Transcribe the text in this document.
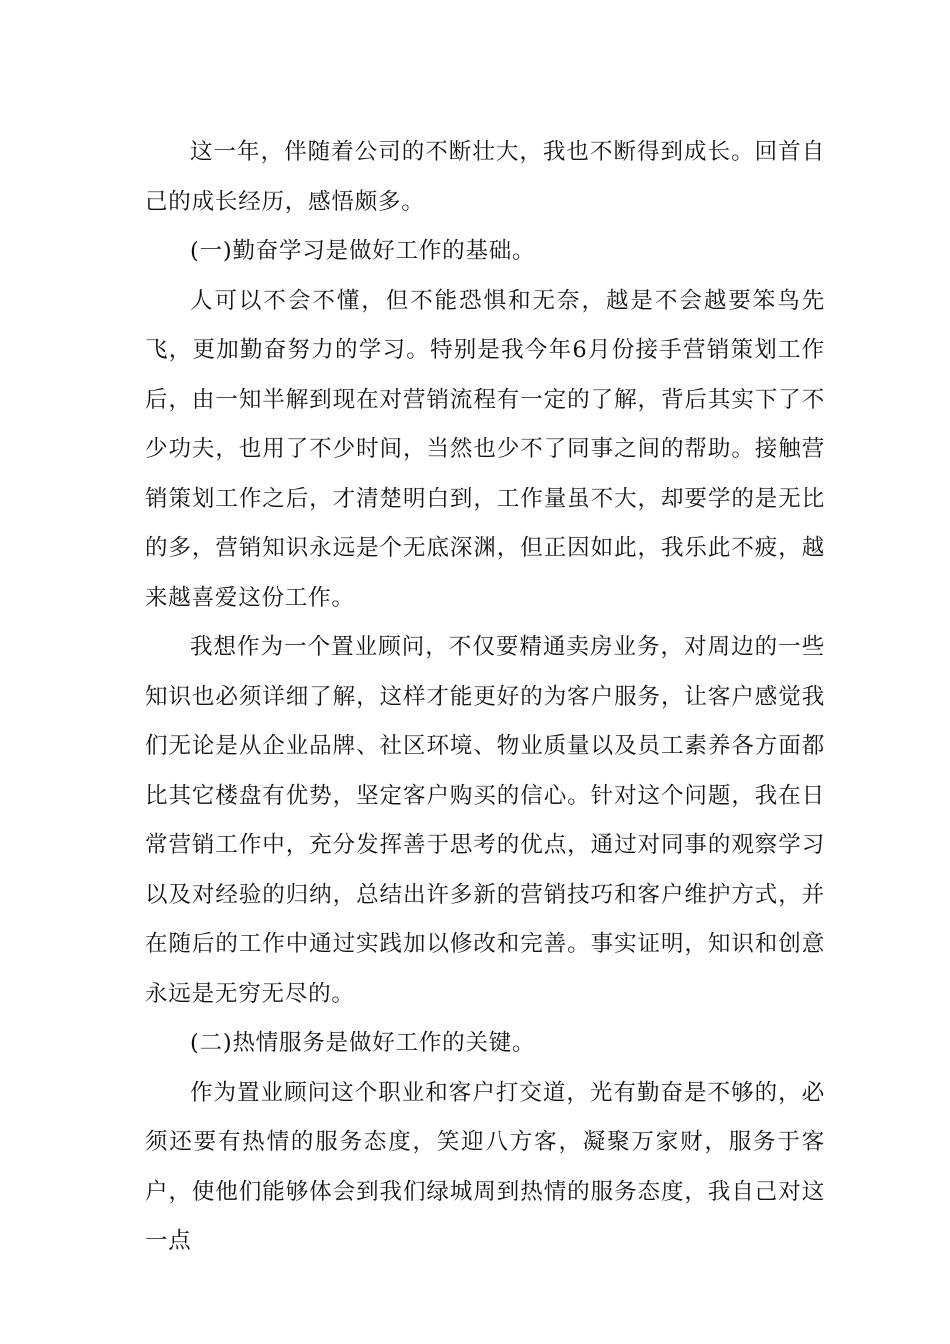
这一年，伴随着公司的不断壮大，我也不断得到成长。回首自己的成长经历，感悟颇多。

(一)勤奋学习是做好工作的基础。

人可以不会不懂，但不能恐惧和无奈，越是不会越要笨鸟先飞，更加勤奋努力的学习。特别是我今年6月份接手营销策划工作后，由一知半解到现在对营销流程有一定的了解，背后其实下了不少功夫，也用了不少时间，当然也少不了同事之间的帮助。接触营销策划工作之后，才清楚明白到，工作量虽不大，却要学的是无比的多，营销知识永远是个无底深渊，但正因如此，我乐此不疲，越来越喜爱这份工作。

我想作为一个置业顾问，不仅要精通卖房业务，对周边的一些知识也必须详细了解，这样才能更好的为客户服务，让客户感觉我们无论是从企业品牌、社区环境、物业质量以及员工素养各方面都比其它楼盘有优势，坚定客户购买的信心。针对这个问题，我在日常营销工作中，充分发挥善于思考的优点，通过对同事的观察学习以及对经验的归纳，总结出许多新的营销技巧和客户维护方式，并在随后的工作中通过实践加以修改和完善。事实证明，知识和创意永远是无穷无尽的。

(二)热情服务是做好工作的关键。

作为置业顾问这个职业和客户打交道，光有勤奋是不够的，必须还要有热情的服务态度，笑迎八方客，凝聚万家财，服务于客户，使他们能够体会到我们绿城周到热情的服务态度，我自己对这一点
